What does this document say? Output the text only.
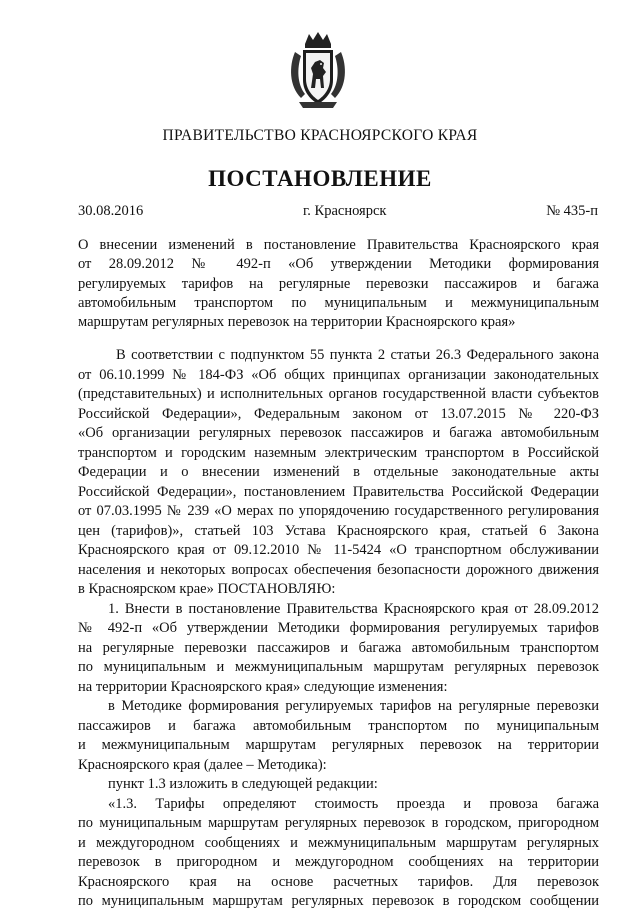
ПРАВИТЕЛЬСТВО КРАСНОЯРСКОГО КРАЯ
ПОСТАНОВЛЕНИЕ
30.08.2016	г. Красноярск	№ 435-п
О внесении изменений в постановление Правительства Красноярского края
от 28.09.2012 № 492-п «Об утверждении Методики формирования
регулируемых тарифов на регулярные перевозки пассажиров и багажа
автомобильным транспортом по муниципальным и межмуниципальным
маршрутам регулярных перевозок на территории Красноярского края»
В соответствии с подпунктом 55 пункта 2 статьи 26.3 Федерального закона
от 06.10.1999 № 184-ФЗ «Об общих принципах организации законодательных
(представительных) и исполнительных органов государственной власти субъектов
Российской Федерации», Федеральным законом от 13.07.2015 № 220-ФЗ
«Об организации регулярных перевозок пассажиров и багажа автомобильным
транспортом и городским наземным электрическим транспортом в Российской
Федерации и о внесении изменений в отдельные законодательные акты
Российской Федерации», постановлением Правительства Российской Федерации
от 07.03.1995 № 239 «О мерах по упорядочению государственного регулирования
цен (тарифов)», статьей 103 Устава Красноярского края, статьей 6 Закона
Красноярского края от 09.12.2010 № 11-5424 «О транспортном обслуживании
населения и некоторых вопросах обеспечения безопасности дорожного движения
в Красноярском крае» ПОСТАНОВЛЯЮ:
1. Внести в постановление Правительства Красноярского края от 28.09.2012
№ 492-п «Об утверждении Методики формирования регулируемых тарифов
на регулярные перевозки пассажиров и багажа автомобильным транспортом
по муниципальным и межмуниципальным маршрутам регулярных перевозок
на территории Красноярского края» следующие изменения:
в Методике формирования регулируемых тарифов на регулярные перевозки
пассажиров и багажа автомобильным транспортом по муниципальным
и межмуниципальным маршрутам регулярных перевозок на территории
Красноярского края (далее – Методика):
пункт 1.3 изложить в следующей редакции:
«1.3. Тарифы определяют стоимость проезда и провоза багажа
по муниципальным маршрутам регулярных перевозок в городском, пригородном
и междугородном сообщениях и межмуниципальным маршрутам регулярных
перевозок в пригородном и междугородном сообщениях на территории
Красноярского края на основе расчетных тарифов. Для перевозок
по муниципальным маршрутам регулярных перевозок в городском сообщении
